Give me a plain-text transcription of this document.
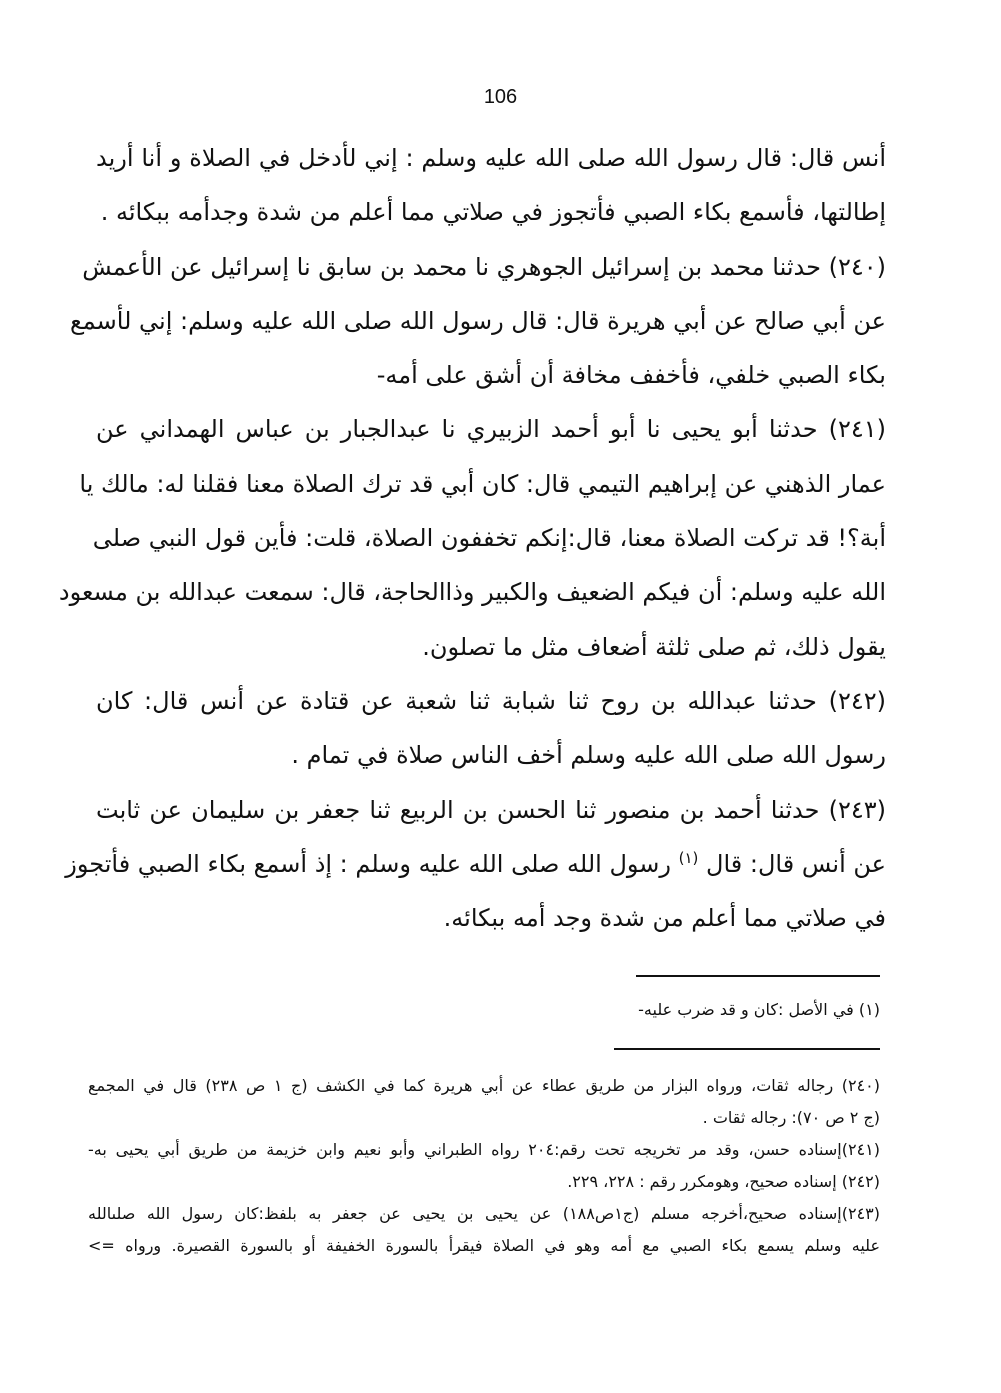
106
أنس قال: قال رسول الله صلى الله عليه وسلم : إني لأدخل في الصلاة و أنا أريد
إطالتها، فأسمع بكاء الصبي فأتجوز في صلاتي مما أعلم من شدة وجدأمه ببكائه .
(٢٤٠) حدثنا محمد بن إسرائيل الجوهري نا محمد بن سابق نا إسرائيل عن الأعمش
عن أبي صالح عن أبي هريرة قال: قال رسول الله صلى الله عليه وسلم: إني لأسمع
بكاء الصبي خلفي، فأخفف مخافة أن أشق على أمه-
(٢٤١) حدثنا أبو يحيى نا أبو أحمد الزبيري نا عبدالجبار بن عباس الهمداني عن
عمار الذهني عن إبراهيم التيمي قال: كان أبي قد ترك الصلاة معنا فقلنا له: مالك يا
أبة؟! قد تركت الصلاة معنا، قال:إنكم تخففون الصلاة، قلت: فأين قول النبي صلى
الله عليه وسلم: أن فيكم الضعيف والكبير وذاالحاجة، قال: سمعت عبدالله بن مسعود
يقول ذلك، ثم صلى ثلثة أضعاف مثل ما تصلون.
(٢٤٢) حدثنا عبدالله بن روح ثنا شبابة ثنا شعبة عن قتادة عن أنس قال: كان
رسول الله صلى الله عليه وسلم أخف الناس صلاة في تمام .
(٢٤٣) حدثنا أحمد بن منصور ثنا الحسن بن الربيع ثنا جعفر بن سليمان عن ثابت
عن أنس قال: قال $^{(١)}$ رسول الله صلى الله عليه وسلم : إذ أسمع بكاء الصبي فأتجوز
في صلاتي مما أعلم من شدة وجد أمه ببكائه.
(١) في الأصل :كان و قد ضرب عليه-
(٢٤٠) رجاله ثقات، ورواه البزار من طريق عطاء عن أبي هريرة كما في الكشف (ج ١ ص ٢٣٨) قال في المجمع
(ج ٢ ص ٧٠): رجاله ثقات .
(٢٤١)إسناده حسن، وقد مر تخريجه تحت رقم:٢٠٤ رواه الطبراني وأبو نعيم وابن خزيمة من طريق أبي يحيى به-
(٢٤٢) إسناده صحيح، وهومكرر رقم : ٢٢٨، ٢٢٩.
(٢٤٣)إسناده صحيح،أخرجه مسلم (ج١ص١٨٨) عن يحيى بن يحيى عن جعفر به بلفظ:كان رسول الله صلىالله
عليه وسلم يسمع بكاء الصبي مع أمه وهو في الصلاة فيقرأ بالسورة الخفيفة أو بالسورة القصيرة. ورواه =>
